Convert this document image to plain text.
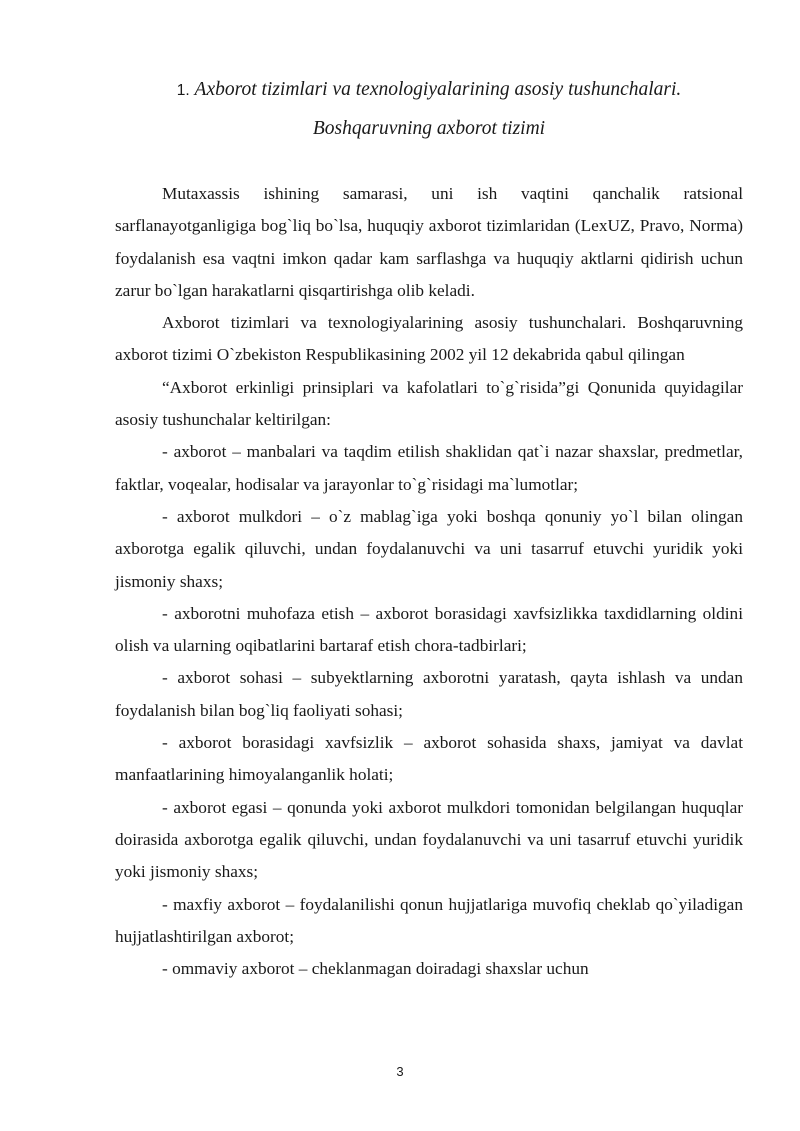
1. Axborot tizimlari va texnologiyalarining asosiy tushunchalari.
Boshqaruvning axborot tizimi

Mutaxassis ishining samarasi, uni ish vaqtini qanchalik ratsional sarflanayotganligiga bog`liq bo`lsa, huquqiy axborot tizimlaridan (LexUZ, Pravo, Norma) foydalanish esa vaqtni imkon qadar kam sarflashga va huquqiy aktlarni qidirish uchun zarur bo`lgan harakatlarni qisqartirishga olib keladi.

Axborot tizimlari va texnologiyalarining asosiy tushunchalari. Boshqaruvning axborot tizimi O`zbekiston Respublikasining 2002 yil 12 dekabrida qabul qilingan

“Axborot erkinligi prinsiplari va kafolatlari to`g`risida”gi Qonunida quyidagilar asosiy tushunchalar keltirilgan:

- axborot – manbalari va taqdim etilish shaklidan qat`i nazar shaxslar, predmetlar, faktlar, voqealar, hodisalar va jarayonlar to`g`risidagi ma`lumotlar;

- axborot mulkdori – o`z mablag`iga yoki boshqa qonuniy yo`l bilan olingan axborotga egalik qiluvchi, undan foydalanuvchi va uni tasarruf etuvchi yuridik yoki jismoniy shaxs;

- axborotni muhofaza etish – axborot borasidagi xavfsizlikka taxdidlarning oldini olish va ularning oqibatlarini bartaraf etish chora-tadbirlari;

- axborot sohasi – subyektlarning axborotni yaratash, qayta ishlash va undan foydalanish bilan bog`liq faoliyati sohasi;

- axborot borasidagi xavfsizlik – axborot sohasida shaxs, jamiyat va davlat manfaatlarining himoyalanganlik holati;

- axborot egasi – qonunda yoki axborot mulkdori tomonidan belgilangan huquqlar doirasida axborotga egalik qiluvchi, undan foydalanuvchi va uni tasarruf etuvchi yuridik yoki jismoniy shaxs;

- maxfiy axborot – foydalanilishi qonun hujjatlariga muvofiq cheklab qo`yiladigan hujjatlashtirilgan axborot;

- ommaviy axborot – cheklanmagan doiradagi shaxslar uchun

3
